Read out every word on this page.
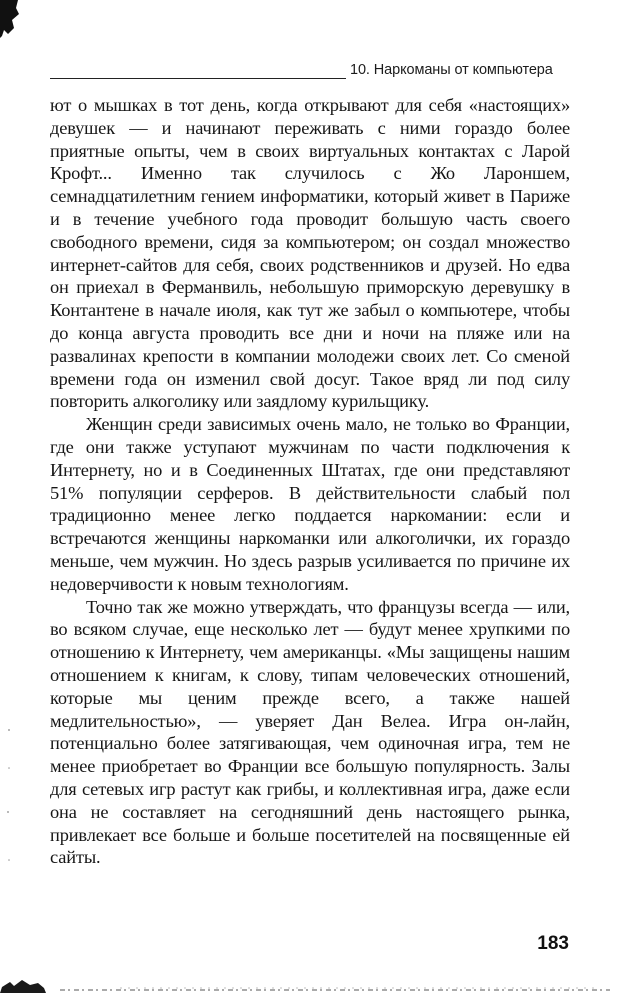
10. Наркоманы от компьютера

ют о мышках в тот день, когда открывают для себя «настоящих» девушек — и начинают переживать с ними гораздо более приятные опыты, чем в своих виртуальных контактах с Ларой Крофт... Именно так случилось с Жо Лароншем, семнадцатилетним гением информатики, который живет в Париже и в течение учебного года проводит большую часть своего свободного времени, сидя за компьютером; он создал множество интернет-сайтов для себя, своих родственников и друзей. Но едва он приехал в Ферманвиль, небольшую приморскую деревушку в Контантене в начале июля, как тут же забыл о компьютере, чтобы до конца августа проводить все дни и ночи на пляже или на развалинах крепости в компании молодежи своих лет. Со сменой времени года он изменил свой досуг. Такое вряд ли под силу повторить алкоголику или заядлому курильщику.

Женщин среди зависимых очень мало, не только во Франции, где они также уступают мужчинам по части подключения к Интернету, но и в Соединенных Штатах, где они представляют 51% популяции серферов. В действительности слабый пол традиционно менее легко поддается наркомании: если и встречаются женщины наркоманки или алкоголички, их гораздо меньше, чем мужчин. Но здесь разрыв усиливается по причине их недоверчивости к новым технологиям.

Точно так же можно утверждать, что французы всегда — или, во всяком случае, еще несколько лет — будут менее хрупкими по отношению к Интернету, чем американцы. «Мы защищены нашим отношением к книгам, к слову, типам человеческих отношений, которые мы ценим прежде всего, а также нашей медлительностью», — уверяет Дан Велеа. Игра он-лайн, потенциально более затягивающая, чем одиночная игра, тем не менее приобретает во Франции все большую популярность. Залы для сетевых игр растут как грибы, и коллективная игра, даже если она не составляет на сегодняшний день настоящего рынка, привлекает все больше и больше посетителей на посвященные ей сайты.

183
